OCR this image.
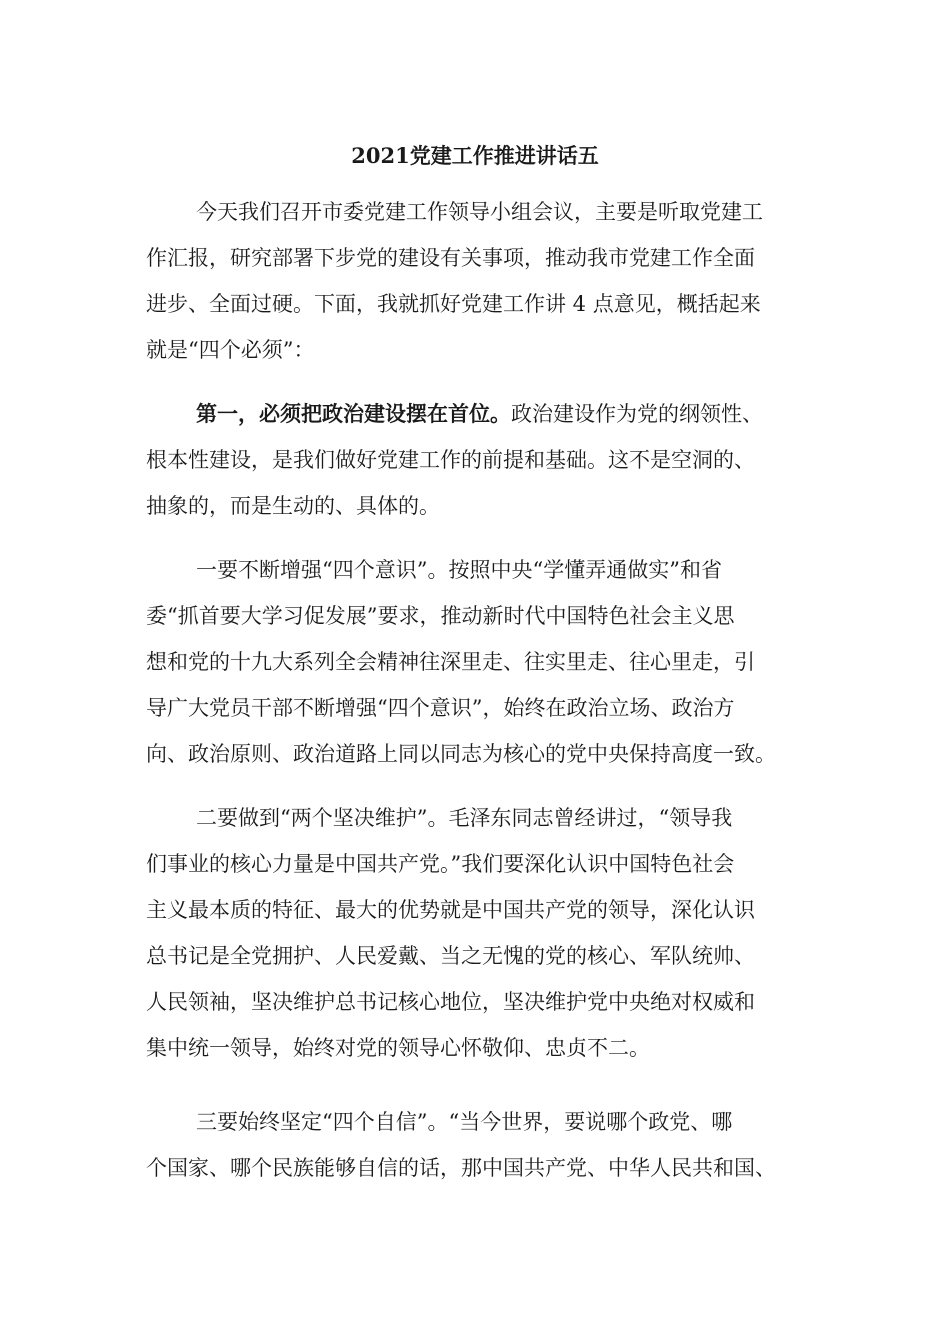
2021党建工作推进讲话五

今天我们召开市委党建工作领导小组会议，主要是听取党建工

作汇报，研究部署下步党的建设有关事项，推动我市党建工作全面

进步、全面过硬。下面，我就抓好党建工作讲 4 点意见，概括起来

就是“四个必须”：

第一，必须把政治建设摆在首位。政治建设作为党的纲领性、

根本性建设，是我们做好党建工作的前提和基础。这不是空洞的、

抽象的，而是生动的、具体的。

一要不断增强“四个意识”。按照中央“学懂弄通做实”和省

委“抓首要大学习促发展”要求，推动新时代中国特色社会主义思

想和党的十九大系列全会精神往深里走、往实里走、往心里走，引

导广大党员干部不断增强“四个意识”，始终在政治立场、政治方

向、政治原则、政治道路上同以同志为核心的党中央保持高度一致。

二要做到“两个坚决维护”。毛泽东同志曾经讲过，“领导我

们事业的核心力量是中国共产党。”我们要深化认识中国特色社会

主义最本质的特征、最大的优势就是中国共产党的领导，深化认识

总书记是全党拥护、人民爱戴、当之无愧的党的核心、军队统帅、

人民领袖，坚决维护总书记核心地位，坚决维护党中央绝对权威和

集中统一领导，始终对党的领导心怀敬仰、忠贞不二。

三要始终坚定“四个自信”。“当今世界，要说哪个政党、哪

个国家、哪个民族能够自信的话，那中国共产党、中华人民共和国、
